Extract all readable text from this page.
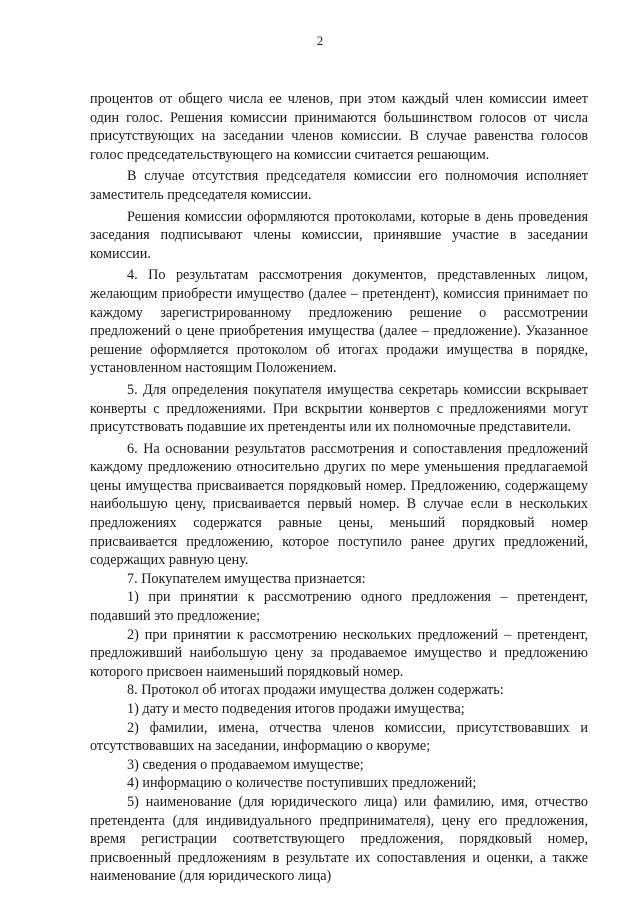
2

процентов от общего числа ее членов, при этом каждый член комиссии имеет один голос. Решения комиссии принимаются большинством голосов от числа присутствующих на заседании членов комиссии. В случае равенства голосов голос председательствующего на комиссии считается решающим.

В случае отсутствия председателя комиссии его полномочия исполняет заместитель председателя комиссии.

Решения комиссии оформляются протоколами, которые в день проведения заседания подписывают члены комиссии, принявшие участие в заседании комиссии.

4. По результатам рассмотрения документов, представленных лицом, желающим приобрести имущество (далее – претендент), комиссия принимает по каждому зарегистрированному предложению решение о рассмотрении предложений о цене приобретения имущества (далее – предложение). Указанное решение оформляется протоколом об итогах продажи имущества в порядке, установленном настоящим Положением.

5. Для определения покупателя имущества секретарь комиссии вскрывает конверты с предложениями. При вскрытии конвертов с предложениями могут присутствовать подавшие их претенденты или их полномочные представители.

6. На основании результатов рассмотрения и сопоставления предложений каждому предложению относительно других по мере уменьшения предлагаемой цены имущества присваивается порядковый номер. Предложению, содержащему наибольшую цену, присваивается первый номер. В случае если в нескольких предложениях содержатся равные цены, меньший порядковый номер присваивается предложению, которое поступило ранее других предложений, содержащих равную цену.

7. Покупателем имущества признается:

1) при принятии к рассмотрению одного предложения – претендент, подавший это предложение;

2) при принятии к рассмотрению нескольких предложений – претендент, предложивший наибольшую цену за продаваемое имущество и предложению которого присвоен наименьший порядковый номер.

8. Протокол об итогах продажи имущества должен содержать:

1) дату и место подведения итогов продажи имущества;

2) фамилии, имена, отчества членов комиссии, присутствовавших и отсутствовавших на заседании, информацию о кворуме;

3) сведения о продаваемом имуществе;

4) информацию о количестве поступивших предложений;

5) наименование (для юридического лица) или фамилию, имя, отчество претендента (для индивидуального предпринимателя), цену его предложения, время регистрации соответствующего предложения, порядковый номер, присвоенный предложениям в результате их сопоставления и оценки, а также наименование (для юридического лица)
